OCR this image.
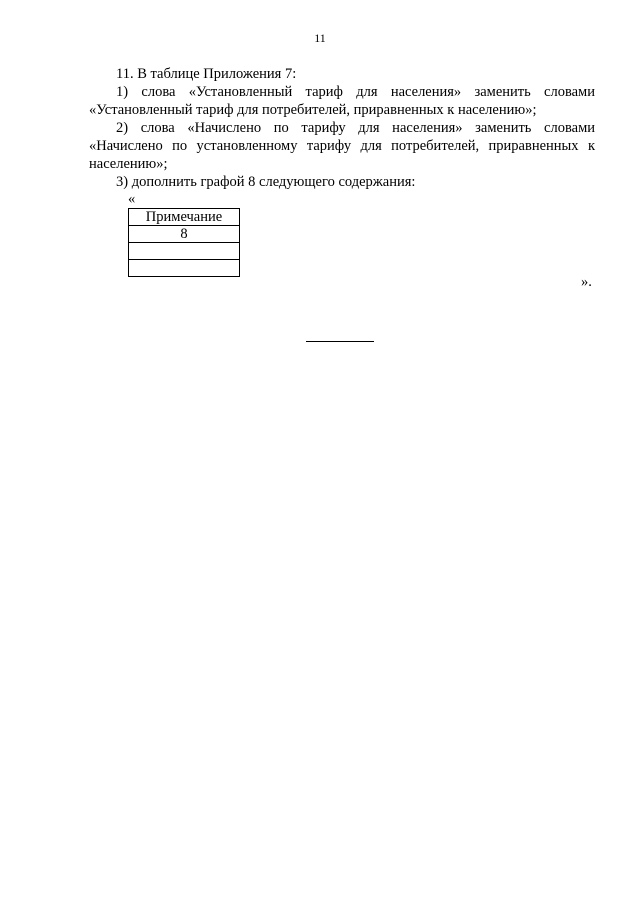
11

11. В таблице Приложения 7:

1) слова «Установленный тариф для населения» заменить словами «Установленный тариф для потребителей, приравненных к населению»;

2) слова «Начислено по тарифу для населения» заменить словами «Начислено по установленному тарифу для потребителей, приравненных к населению»;

3) дополнить графой 8 следующего содержания:

«

Примечание
8

».
